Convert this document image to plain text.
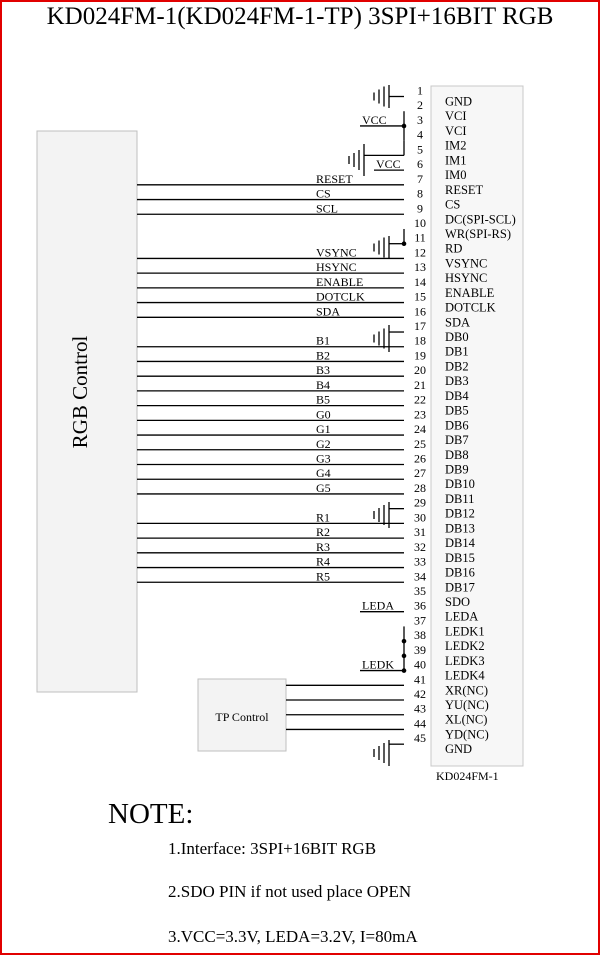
KD024FM-1(KD024FM-1-TP) 3SPI+16BIT RGB
RGB Control
TP Control
KD024FM-1
1
GND
2
VCI
3
VCI
4
IM2
5
IM1
6
IM0
7
RESET
8
CS
9
DC(SPI-SCL)
10
WR(SPI-RS)
11
RD
12
VSYNC
13
HSYNC
14
ENABLE
15
DOTCLK
16
SDA
17
DB0
18
DB1
19
DB2
20
DB3
21
DB4
22
DB5
23
DB6
24
DB7
25
DB8
26
DB9
27
DB10
28
DB11
29
DB12
30
DB13
31
DB14
32
DB15
33
DB16
34
DB17
35
SDO
36
LEDA
37
LEDK1
38
LEDK2
39
LEDK3
40
LEDK4
41
XR(NC)
42
YU(NC)
43
XL(NC)
44
YD(NC)
45
GND
RESET
CS
SCL
VSYNC
HSYNC
ENABLE
DOTCLK
SDA
B1
B2
B3
B4
B5
G0
G1
G2
G3
G4
G5
R1
R2
R3
R4
R5
VCC
VCC
LEDA
LEDK
NOTE:
1.Interface: 3SPI+16BIT RGB
2.SDO PIN if not used place OPEN
3.VCC=3.3V, LEDA=3.2V, I=80mA
